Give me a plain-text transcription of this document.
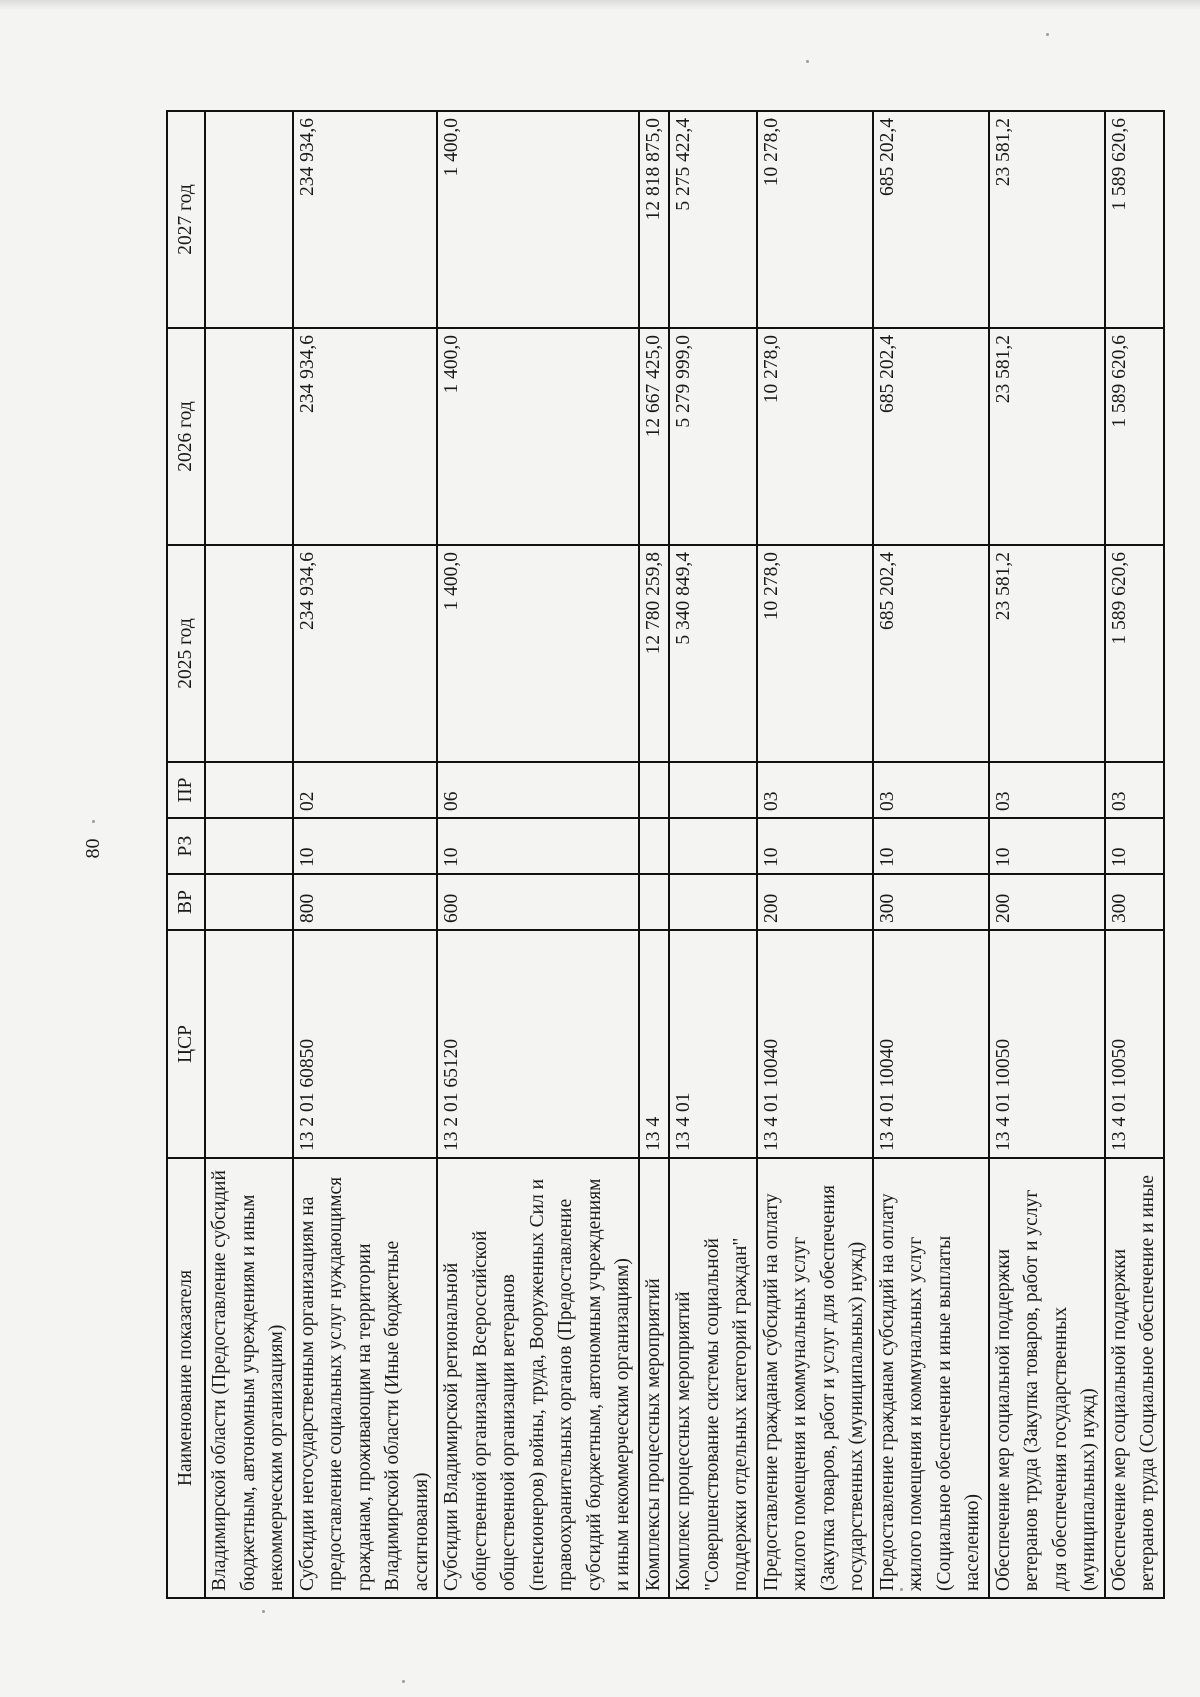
80
Наименование показателя	ЦСР	ВР	РЗ	ПР	2025 год	2026 год	2027 год
Владимирской области (Предоставление субсидий бюджетным, автономным учреждениям и иным некоммерческим организациям)							
Субсидии негосударственным организациям на предоставление социальных услуг нуждающимся гражданам, проживающим на территории Владимирской области (Иные бюджетные ассигнования)	13 2 01 60850	800	10	02	234 934,6	234 934,6	234 934,6
Субсидии Владимирской региональной общественной организации Всероссийской общественной организации ветеранов (пенсионеров) войны, труда, Вооруженных Сил и правоохранительных органов (Предоставление субсидий бюджетным, автономным учреждениям и иным некоммерческим организациям)	13 2 01 65120	600	10	06	1 400,0	1 400,0	1 400,0
Комплексы процессных мероприятий	13 4				12 780 259,8	12 667 425,0	12 818 875,0
Комплекс процессных мероприятий "Совершенствование системы социальной поддержки отдельных категорий граждан"	13 4 01				5 340 849,4	5 279 999,0	5 275 422,4
Предоставление гражданам субсидий на оплату жилого помещения и коммунальных услуг (Закупка товаров, работ и услуг для обеспечения государственных (муниципальных) нужд)	13 4 01 10040	200	10	03	10 278,0	10 278,0	10 278,0
Предоставление гражданам субсидий на оплату жилого помещения и коммунальных услуг (Социальное обеспечение и иные выплаты населению)	13 4 01 10040	300	10	03	685 202,4	685 202,4	685 202,4
Обеспечение мер социальной поддержки ветеранов труда (Закупка товаров, работ и услуг для обеспечения государственных (муниципальных) нужд)	13 4 01 10050	200	10	03	23 581,2	23 581,2	23 581,2
Обеспечение мер социальной поддержки ветеранов труда (Социальное обеспечение и иные	13 4 01 10050	300	10	03	1 589 620,6	1 589 620,6	1 589 620,6
